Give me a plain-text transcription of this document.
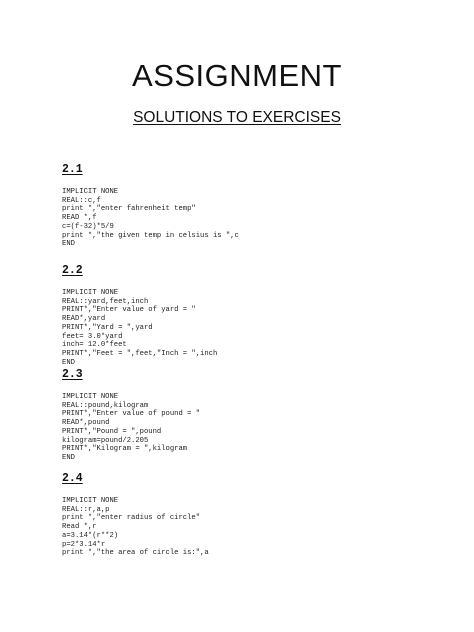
ASSIGNMENT
SOLUTIONS TO EXERCISES
2.1
IMPLICIT NONE
REAL::c,f
print *,"enter fahrenheit temp"
READ *,f
c=(f-32)*5/9
print *,"the given temp in celsius is ",c
END
2.2
IMPLICIT NONE
REAL::yard,feet,inch
PRINT*,"Enter value of yard = "
READ*,yard
PRINT*,"Yard = ",yard
feet= 3.0*yard
inch= 12.0*feet
PRINT*,"Feet = ",feet,"Inch = ",inch
END
2.3
IMPLICIT NONE
REAL::pound,kilogram
PRINT*,"Enter value of pound = "
READ*,pound
PRINT*,"Pound = ",pound
kilogram=pound/2.205
PRINT*,"Kilogram = ",kilogram
END
2.4
IMPLICIT NONE
REAL::r,a,p
print *,"enter radius of circle"
Read *,r
a=3.14*(r**2)
p=2*3.14*r
print *,"the area of circle is:",a
